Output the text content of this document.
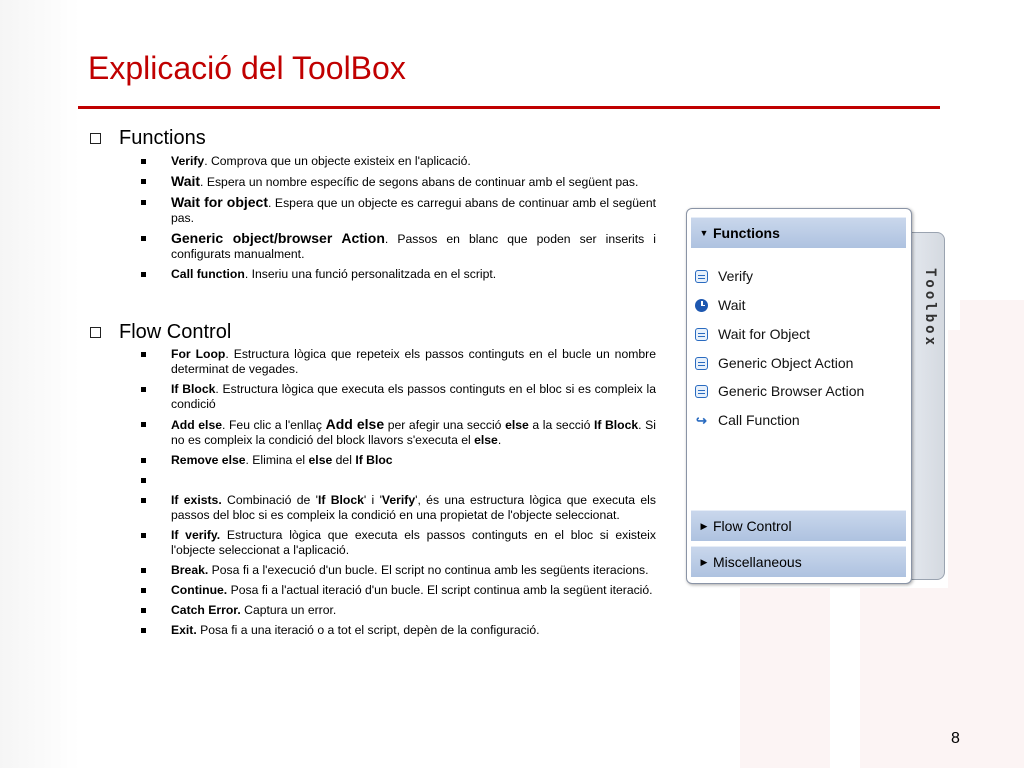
Explicació del ToolBox
Functions
Verify. Comprova que un objecte existeix en l'aplicació.
Wait. Espera un nombre específic de segons abans de continuar amb el següent pas.
Wait for object. Espera que un objecte es carregui abans de continuar amb el següent pas.
Generic object/browser Action. Passos en blanc que poden ser inserits i configurats manualment.
Call function. Inseriu una funció personalitzada en el script.
Flow Control
For Loop. Estructura lògica que repeteix els passos continguts en el bucle un nombre determinat de vegades.
If Block. Estructura lògica que executa els passos continguts en el bloc si es compleix la condició
Add else. Feu clic a l'enllaç Add else per afegir una secció else a la secció If Block. Si no es compleix la condició del block llavors s'executa el else.
Remove else. Elimina el else del If Bloc
If exists. Combinació de 'If Block' i 'Verify', és una estructura lògica que executa els passos del bloc si es compleix la condició en una propietat de l'objecte seleccionat.
If verify. Estructura lògica que executa els passos continguts en el bloc si existeix l'objecte seleccionat a l'aplicació.
Break. Posa fi a l'execució d'un bucle. El script no continua amb les següents iteracions.
Continue. Posa fi a l'actual iteració d'un bucle. El script continua amb la següent iteració.
Catch Error. Captura un error.
Exit. Posa fi a una iteració o a tot el script, depèn de la configuració.
Toolbox
▼ Functions
Verify
Wait
Wait for Object
Generic Object Action
Generic Browser Action
↪ Call Function
▶ Flow Control
▶ Miscellaneous
8
